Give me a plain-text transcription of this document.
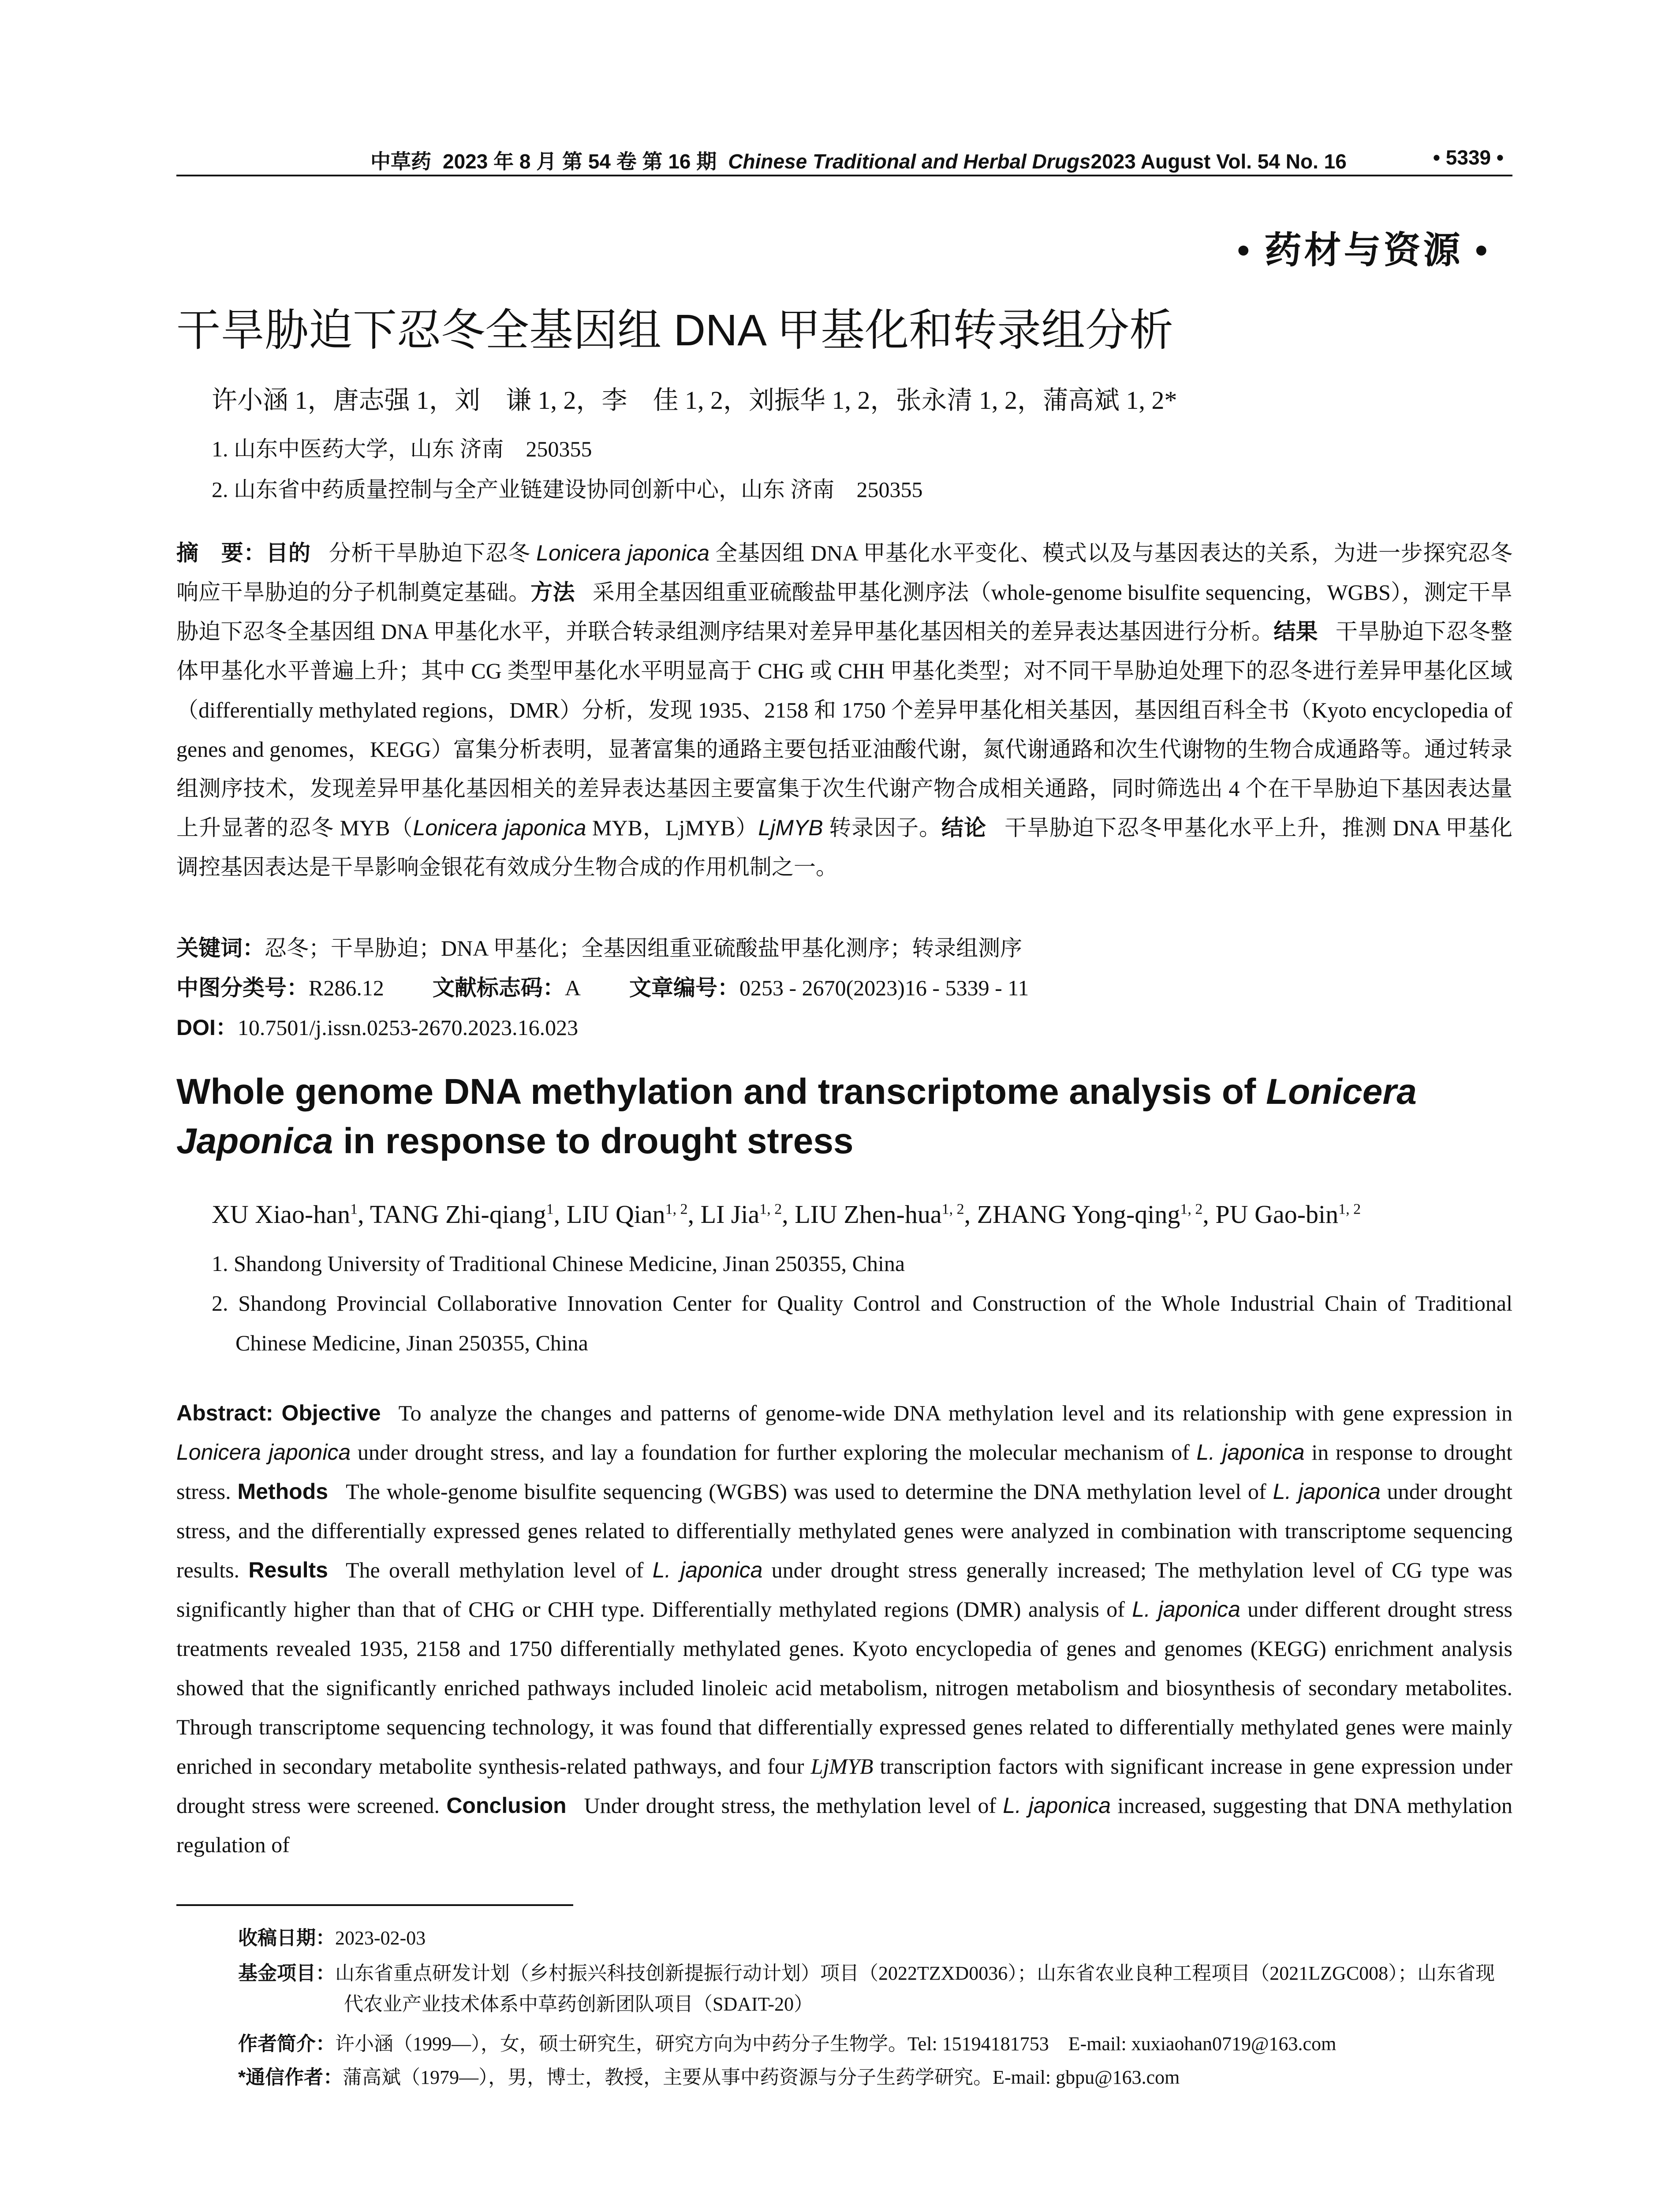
中草药 2023 年 8 月 第 54 卷 第 16 期 Chinese Traditional and Herbal Drugs2023 August Vol. 54 No. 16	• 5339 •
• 药材与资源 •
干旱胁迫下忍冬全基因组 DNA 甲基化和转录组分析
许小涵 1，唐志强 1，刘　谦 1, 2，李　佳 1, 2，刘振华 1, 2，张永清 1, 2，蒲高斌 1, 2*
1. 山东中医药大学，山东 济南　250355
2. 山东省中药质量控制与全产业链建设协同创新中心，山东 济南　250355

摘　要：目的 分析干旱胁迫下忍冬 Lonicera japonica 全基因组 DNA 甲基化水平变化、模式以及与基因表达的关系，为进一步探究忍冬响应干旱胁迫的分子机制奠定基础。方法 采用全基因组重亚硫酸盐甲基化测序法（whole-genome bisulfite sequencing，WGBS），测定干旱胁迫下忍冬全基因组 DNA 甲基化水平，并联合转录组测序结果对差异甲基化基因相关的差异表达基因进行分析。结果 干旱胁迫下忍冬整体甲基化水平普遍上升；其中 CG 类型甲基化水平明显高于 CHG 或 CHH 甲基化类型；对不同干旱胁迫处理下的忍冬进行差异甲基化区域（differentially methylated regions，DMR）分析，发现 1935、2158 和 1750 个差异甲基化相关基因，基因组百科全书（Kyoto encyclopedia of genes and genomes，KEGG）富集分析表明，显著富集的通路主要包括亚油酸代谢，氮代谢通路和次生代谢物的生物合成通路等。通过转录组测序技术，发现差异甲基化基因相关的差异表达基因主要富集于次生代谢产物合成相关通路，同时筛选出 4 个在干旱胁迫下基因表达量上升显著的忍冬 MYB（Lonicera japonica MYB，LjMYB）LjMYB 转录因子。结论 干旱胁迫下忍冬甲基化水平上升，推测 DNA 甲基化调控基因表达是干旱影响金银花有效成分生物合成的作用机制之一。

关键词：忍冬；干旱胁迫；DNA 甲基化；全基因组重亚硫酸盐甲基化测序；转录组测序
中图分类号：R286.12 文献标志码：A 文章编号：0253 - 2670(2023)16 - 5339 - 11
DOI：10.7501/j.issn.0253-2670.2023.16.023

Whole genome DNA methylation and transcriptome analysis of Lonicera
Japonica in response to drought stress

XU Xiao-han$^1$, TANG Zhi-qiang$^1$, LIU Qian$^{1, 2}$, LI Jia$^{1, 2}$, LIU Zhen-hua$^{1, 2}$, ZHANG Yong-qing$^{1, 2}$, PU Gao-bin$^{1, 2}$
1. Shandong University of Traditional Chinese Medicine, Jinan 250355, China
2. Shandong Provincial Collaborative Innovation Center for Quality Control and Construction of the Whole Industrial Chain of Traditional Chinese Medicine, Jinan 250355, China

Abstract: Objective To analyze the changes and patterns of genome-wide DNA methylation level and its relationship with gene expression in Lonicera japonica under drought stress, and lay a foundation for further exploring the molecular mechanism of L. japonica in response to drought stress. Methods The whole-genome bisulfite sequencing (WGBS) was used to determine the DNA methylation level of L. japonica under drought stress, and the differentially expressed genes related to differentially methylated genes were analyzed in combination with transcriptome sequencing results. Results The overall methylation level of L. japonica under drought stress generally increased; The methylation level of CG type was significantly higher than that of CHG or CHH type. Differentially methylated regions (DMR) analysis of L. japonica under different drought stress treatments revealed 1935, 2158 and 1750 differentially methylated genes. Kyoto encyclopedia of genes and genomes (KEGG) enrichment analysis showed that the significantly enriched pathways included linoleic acid metabolism, nitrogen metabolism and biosynthesis of secondary metabolites. Through transcriptome sequencing technology, it was found that differentially expressed genes related to differentially methylated genes were mainly enriched in secondary metabolite synthesis-related pathways, and four LjMYB transcription factors with significant increase in gene expression under drought stress were screened. Conclusion Under drought stress, the methylation level of L. japonica increased, suggesting that DNA methylation regulation of

收稿日期：2023-02-03
基金项目：山东省重点研发计划（乡村振兴科技创新提振行动计划）项目（2022TZXD0036）；山东省农业良种工程项目（2021LZGC008）；山东省现代农业产业技术体系中草药创新团队项目（SDAIT-20）
作者简介：许小涵（1999—），女，硕士研究生，研究方向为中药分子生物学。Tel: 15194181753　E-mail: xuxiaohan0719@163.com
*通信作者：蒲高斌（1979—），男，博士，教授，主要从事中药资源与分子生药学研究。E-mail: gbpu@163.com
